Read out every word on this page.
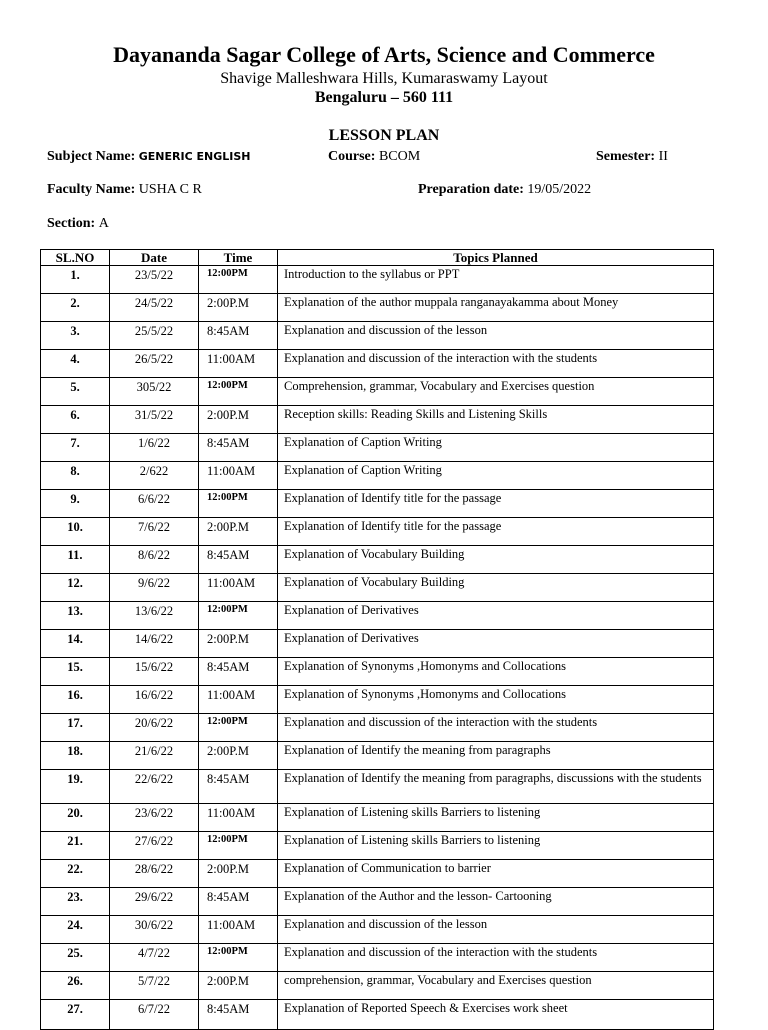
Dayananda Sagar College of Arts, Science and Commerce
Shavige Malleshwara Hills, Kumaraswamy Layout
Bengaluru – 560 111
LESSON PLAN
Subject Name: GENERIC ENGLISH	Course: BCOM	Semester: II
Faculty Name: USHA C R	Preparation date: 19/05/2022
Section: A
SL.NO	Date	Time	Topics Planned
1.	23/5/22	12:00PM	Introduction to the syllabus or PPT
2.	24/5/22	2:00P.M	Explanation of the author muppala ranganayakamma about Money
3.	25/5/22	8:45AM	Explanation and discussion of the lesson
4.	26/5/22	11:00AM	Explanation and discussion of the interaction with the students
5.	305/22	12:00PM	Comprehension, grammar, Vocabulary and Exercises question
6.	31/5/22	2:00P.M	Reception skills: Reading Skills and Listening Skills
7.	1/6/22	8:45AM	Explanation of Caption Writing
8.	2/622	11:00AM	Explanation of Caption Writing
9.	6/6/22	12:00PM	Explanation of Identify title for the passage
10.	7/6/22	2:00P.M	Explanation of Identify title for the passage
11.	8/6/22	8:45AM	Explanation of Vocabulary Building
12.	9/6/22	11:00AM	Explanation of Vocabulary Building
13.	13/6/22	12:00PM	Explanation of Derivatives
14.	14/6/22	2:00P.M	Explanation of Derivatives
15.	15/6/22	8:45AM	Explanation of Synonyms ,Homonyms and Collocations
16.	16/6/22	11:00AM	Explanation of Synonyms ,Homonyms and Collocations
17.	20/6/22	12:00PM	Explanation and discussion of the interaction with the students
18.	21/6/22	2:00P.M	Explanation of Identify the meaning from paragraphs
19.	22/6/22	8:45AM	Explanation of Identify the meaning from paragraphs, discussions with the students
20.	23/6/22	11:00AM	Explanation of Listening skills Barriers to listening
21.	27/6/22	12:00PM	Explanation of Listening skills Barriers to listening
22.	28/6/22	2:00P.M	Explanation of Communication to barrier
23.	29/6/22	8:45AM	Explanation of the Author and the lesson- Cartooning
24.	30/6/22	11:00AM	Explanation and discussion of the lesson
25.	4/7/22	12:00PM	Explanation and discussion of the interaction with the students
26.	5/7/22	2:00P.M	comprehension, grammar, Vocabulary and Exercises question
27.	6/7/22	8:45AM	Explanation of Reported Speech & Exercises work sheet
